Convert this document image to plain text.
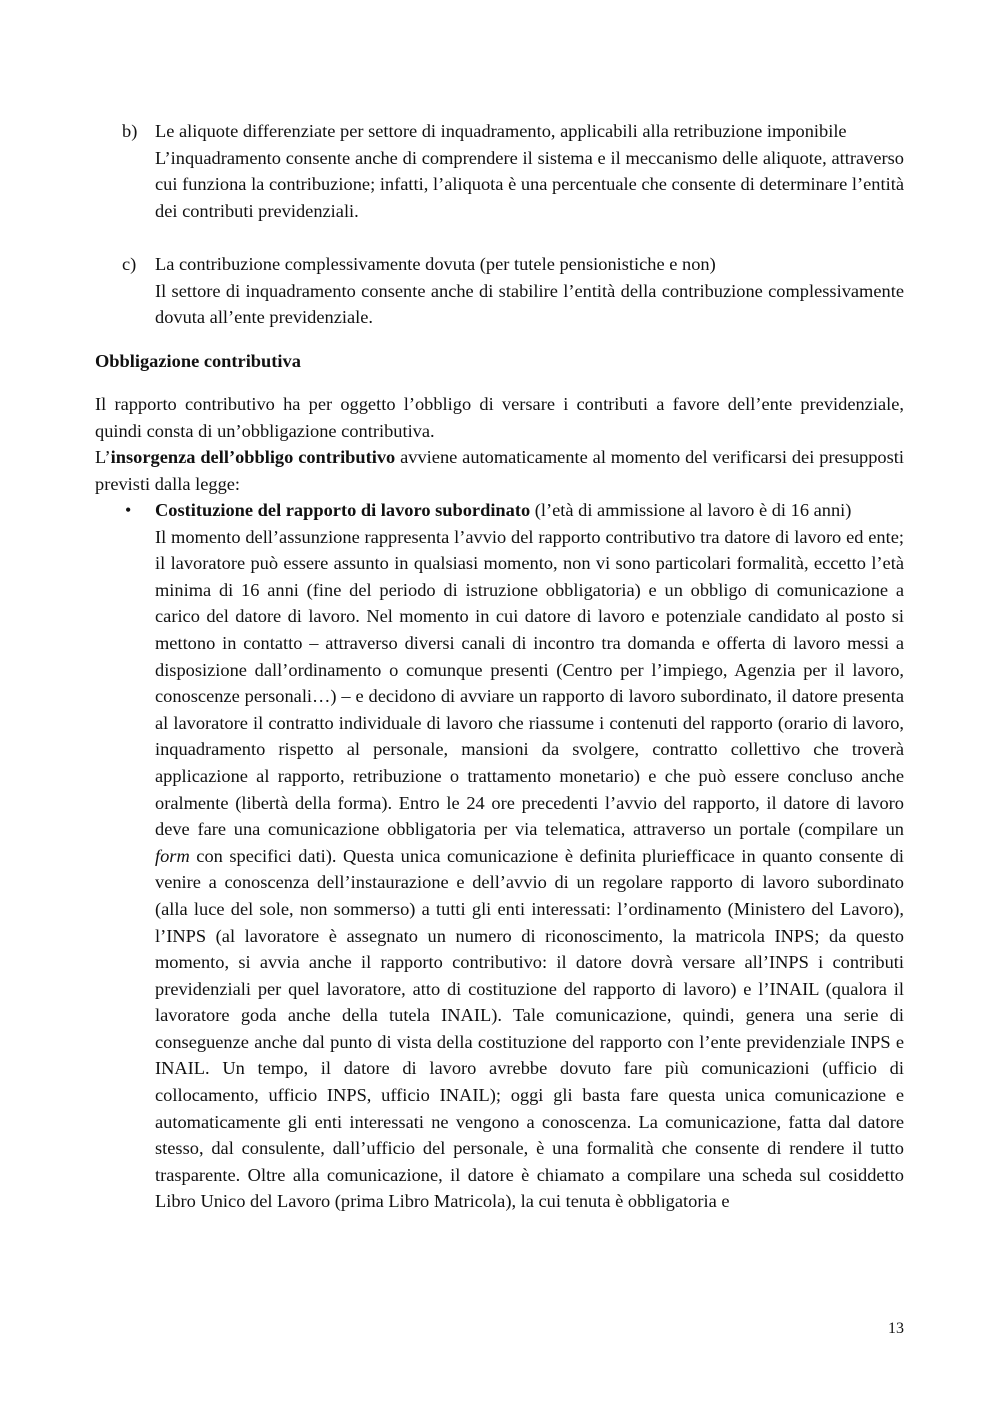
b) Le aliquote differenziate per settore di inquadramento, applicabili alla retribuzione imponibile

L’inquadramento consente anche di comprendere il sistema e il meccanismo delle aliquote, attraverso cui funziona la contribuzione; infatti, l’aliquota è una percentuale che consente di determinare l’entità dei contributi previdenziali.

c) La contribuzione complessivamente dovuta (per tutele pensionistiche e non)

Il settore di inquadramento consente anche di stabilire l’entità della contribuzione complessivamente dovuta all’ente previdenziale.

Obbligazione contributiva

Il rapporto contributivo ha per oggetto l’obbligo di versare i contributi a favore dell’ente previdenziale, quindi consta di un’obbligazione contributiva.

L’insorgenza dell’obbligo contributivo avviene automaticamente al momento del verificarsi dei presupposti previsti dalla legge:

• Costituzione del rapporto di lavoro subordinato (l’età di ammissione al lavoro è di 16 anni)

Il momento dell’assunzione rappresenta l’avvio del rapporto contributivo tra datore di lavoro ed ente; il lavoratore può essere assunto in qualsiasi momento, non vi sono particolari formalità, eccetto l’età minima di 16 anni (fine del periodo di istruzione obbligatoria) e un obbligo di comunicazione a carico del datore di lavoro. Nel momento in cui datore di lavoro e potenziale candidato al posto si mettono in contatto – attraverso diversi canali di incontro tra domanda e offerta di lavoro messi a disposizione dall’ordinamento o comunque presenti (Centro per l’impiego, Agenzia per il lavoro, conoscenze personali…) – e decidono di avviare un rapporto di lavoro subordinato, il datore presenta al lavoratore il contratto individuale di lavoro che riassume i contenuti del rapporto (orario di lavoro, inquadramento rispetto al personale, mansioni da svolgere, contratto collettivo che troverà applicazione al rapporto, retribuzione o trattamento monetario) e che può essere concluso anche oralmente (libertà della forma). Entro le 24 ore precedenti l’avvio del rapporto, il datore di lavoro deve fare una comunicazione obbligatoria per via telematica, attraverso un portale (compilare un form con specifici dati). Questa unica comunicazione è definita pluriefficace in quanto consente di venire a conoscenza dell’instaurazione e dell’avvio di un regolare rapporto di lavoro subordinato (alla luce del sole, non sommerso) a tutti gli enti interessati: l’ordinamento (Ministero del Lavoro), l’INPS (al lavoratore è assegnato un numero di riconoscimento, la matricola INPS; da questo momento, si avvia anche il rapporto contributivo: il datore dovrà versare all’INPS i contributi previdenziali per quel lavoratore, atto di costituzione del rapporto di lavoro) e l’INAIL (qualora il lavoratore goda anche della tutela INAIL). Tale comunicazione, quindi, genera una serie di conseguenze anche dal punto di vista della costituzione del rapporto con l’ente previdenziale INPS e INAIL. Un tempo, il datore di lavoro avrebbe dovuto fare più comunicazioni (ufficio di collocamento, ufficio INPS, ufficio INAIL); oggi gli basta fare questa unica comunicazione e automaticamente gli enti interessati ne vengono a conoscenza. La comunicazione, fatta dal datore stesso, dal consulente, dall’ufficio del personale, è una formalità che consente di rendere il tutto trasparente. Oltre alla comunicazione, il datore è chiamato a compilare una scheda sul cosiddetto Libro Unico del Lavoro (prima Libro Matricola), la cui tenuta è obbligatoria e

13
